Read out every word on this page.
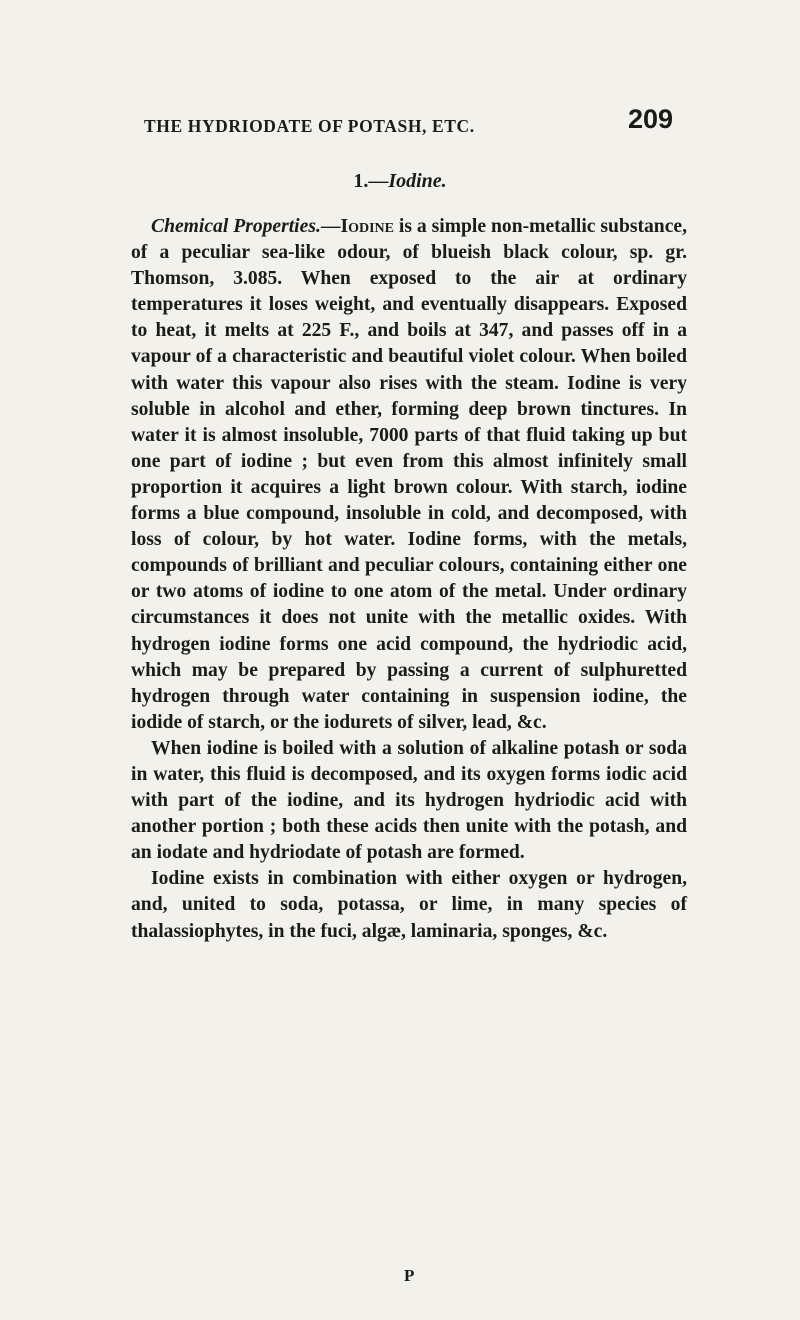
THE HYDRIODATE OF POTASH, ETC.	209
1.—Iodine.

Chemical Properties.—Iodine is a simple non-metallic substance, of a peculiar sea-like odour, of blueish black colour, sp. gr. Thomson, 3.085. When exposed to the air at ordinary temperatures it loses weight, and eventually disappears. Exposed to heat, it melts at 225 F., and boils at 347, and passes off in a vapour of a characteristic and beautiful violet colour. When boiled with water this vapour also rises with the steam. Iodine is very soluble in alcohol and ether, forming deep brown tinctures. In water it is almost insoluble, 7000 parts of that fluid taking up but one part of iodine ; but even from this almost infinitely small proportion it acquires a light brown colour. With starch, iodine forms a blue compound, insoluble in cold, and decomposed, with loss of colour, by hot water. Iodine forms, with the metals, compounds of brilliant and peculiar colours, containing either one or two atoms of iodine to one atom of the metal. Under ordinary circumstances it does not unite with the metallic oxides. With hydrogen iodine forms one acid compound, the hydriodic acid, which may be prepared by passing a current of sulphuretted hydrogen through water containing in suspension iodine, the iodide of starch, or the iodurets of silver, lead, &c.

When iodine is boiled with a solution of alkaline potash or soda in water, this fluid is decomposed, and its oxygen forms iodic acid with part of the iodine, and its hydrogen hydriodic acid with another portion ; both these acids then unite with the potash, and an iodate and hydriodate of potash are formed.

Iodine exists in combination with either oxygen or hydrogen, and, united to soda, potassa, or lime, in many species of thalassiophytes, in the fuci, algæ, laminaria, sponges, &c.

P
